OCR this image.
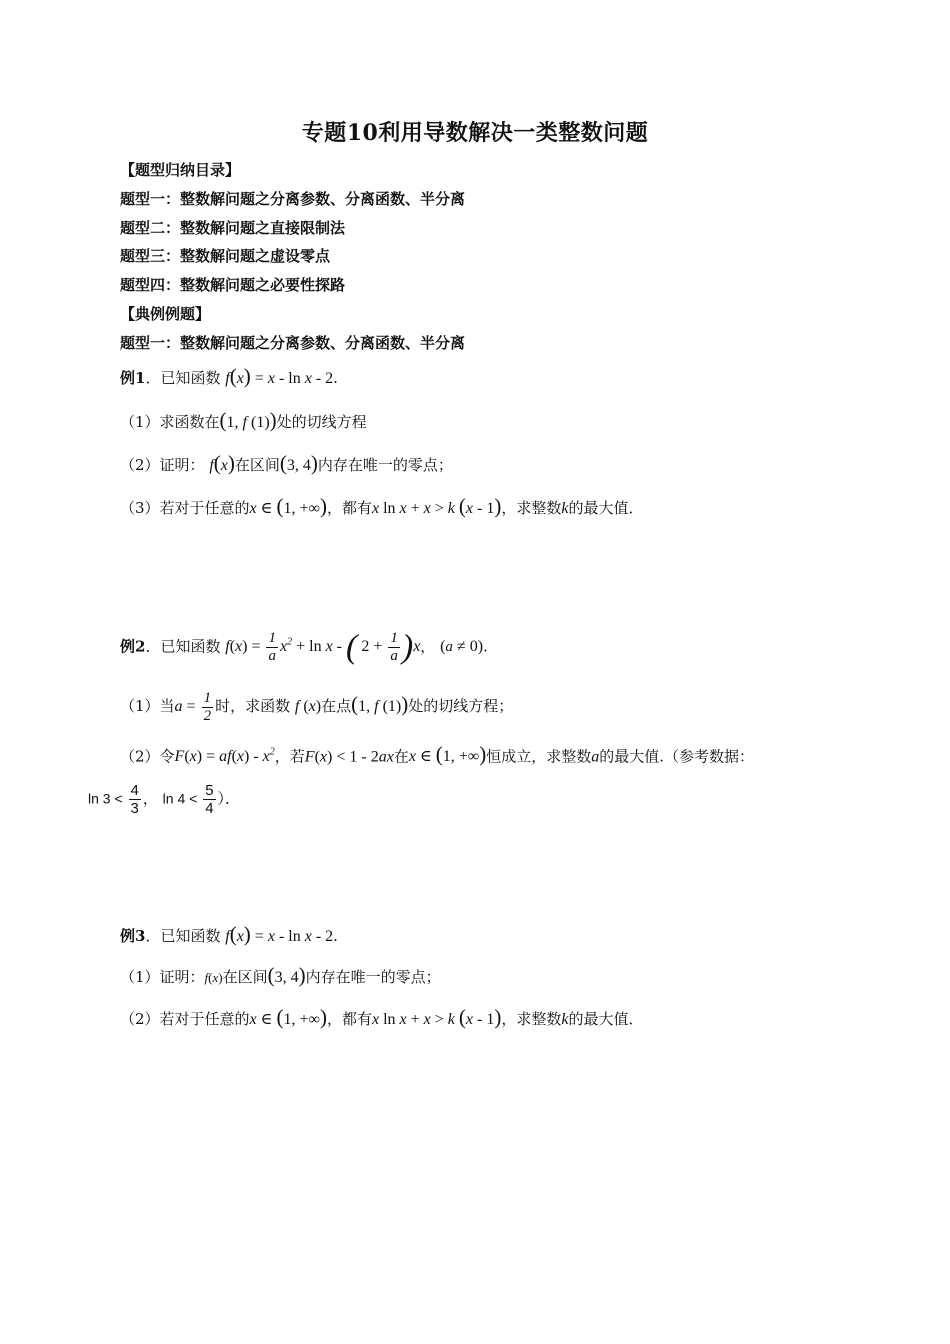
专题10利用导数解决一类整数问题
【题型归纳目录】
题型一：整数解问题之分离参数、分离函数、半分离
题型二：整数解问题之直接限制法
题型三：整数解问题之虚设零点
题型四：整数解问题之必要性探路
【典例例题】
题型一：整数解问题之分离参数、分离函数、半分离
例1．已知函数 f(x) = x - ln x - 2.
（1）求函数在(1, f (1))处的切线方程
（2）证明： f(x)在区间(3, 4)内存在唯一的零点；
（3）若对于任意的x ∈ (1, +∞)，都有x ln x + x > k (x - 1)，求整数k的最大值．
例2．已知函数 $f(x) = \frac{1}{a} x^2 + \ln x$ - ( $2 + \frac{1}{a} )x$， (a ≠ 0).
（1）当$a = \frac{1}{2}$ 时，求函数 f (x)在点(1, f (1))处的切线方程；
（2）令$F(x) = af(x) - x^2$，若F(x) < 1 - 2ax在x ∈ (1, +∞)恒成立，求整数a的最大值.（参考数据：
$\ln 3 < \frac{4}{3}$ ， $\ln 4 < \frac{5}{4}$ ）．
例3．已知函数 f(x) = x - ln x - 2.
（1）证明：f(x)在区间(3, 4)内存在唯一的零点；
（2）若对于任意的x ∈ (1, +∞)，都有x ln x + x > k (x - 1)，求整数k的最大值．
